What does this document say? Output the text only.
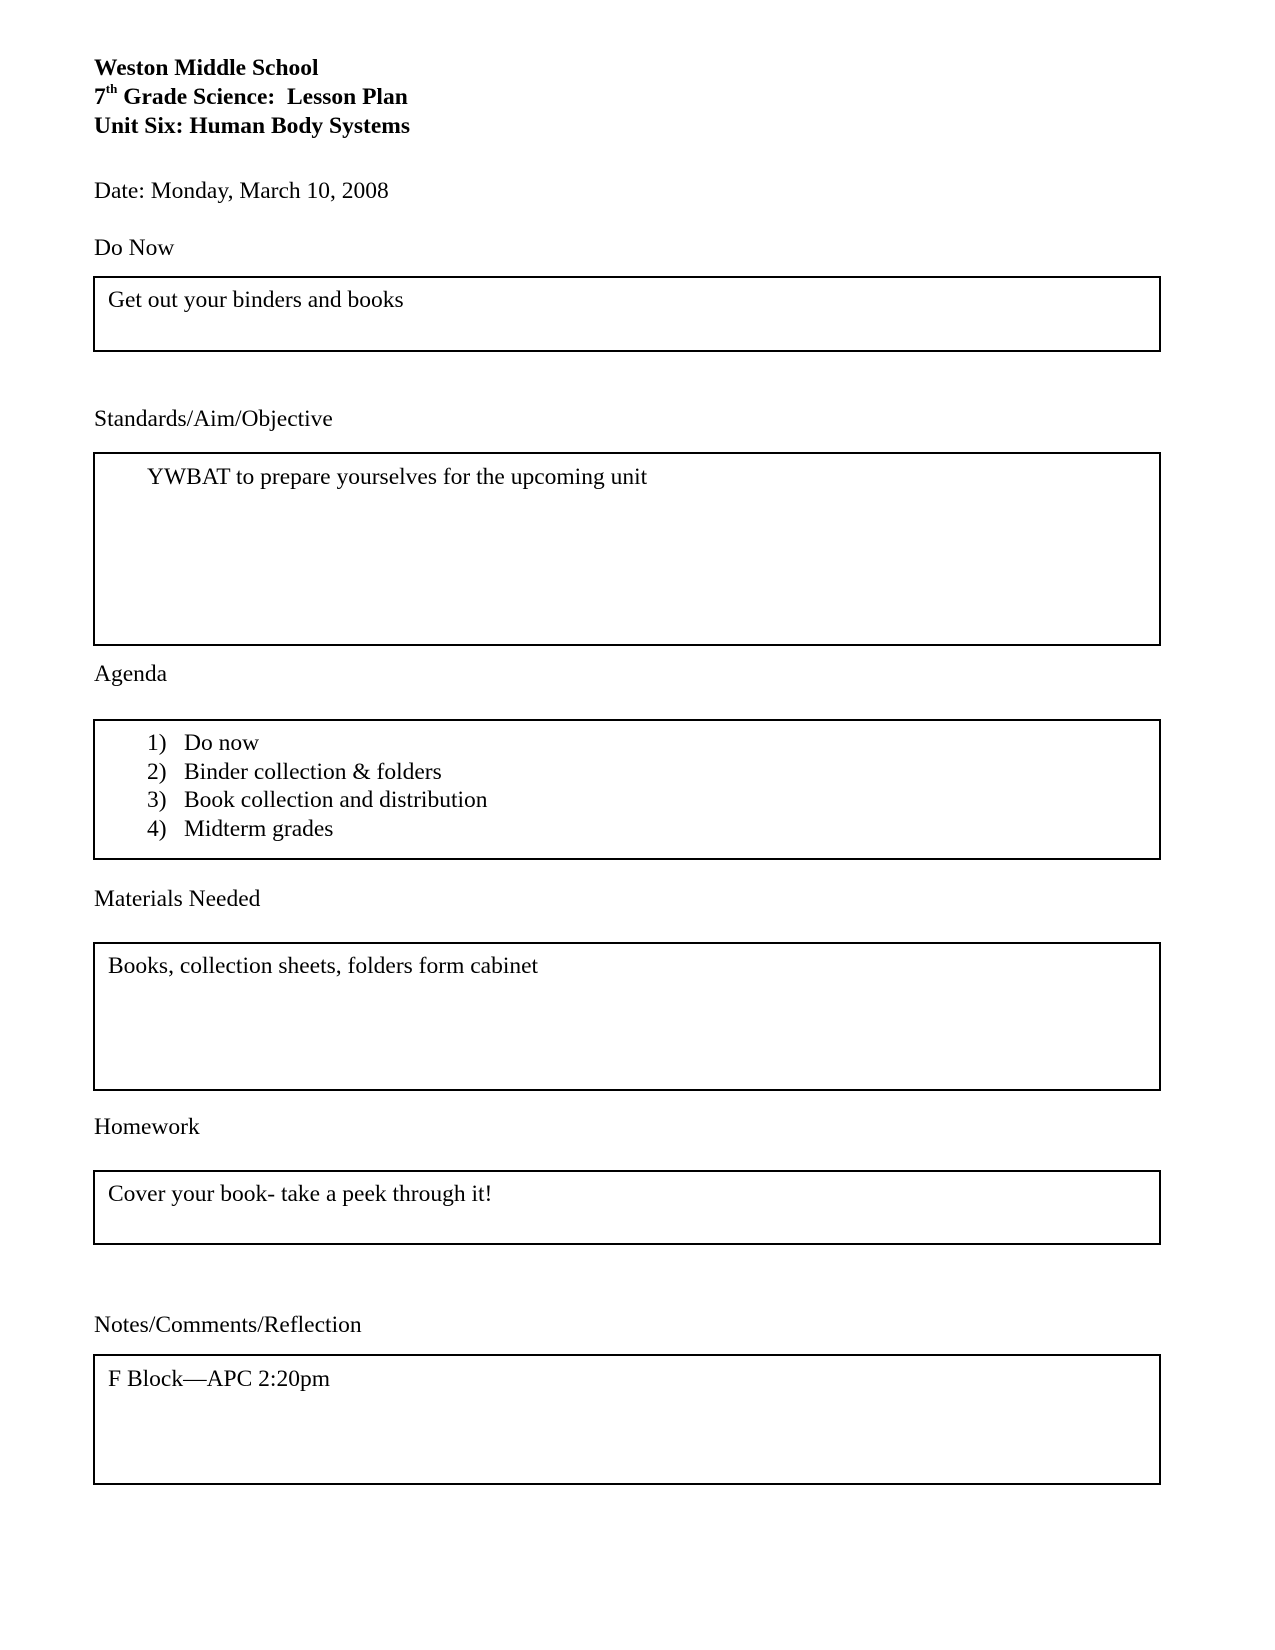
Weston Middle School
7th Grade Science:  Lesson Plan
Unit Six: Human Body Systems
Date: Monday, March 10, 2008
Do Now
Get out your binders and books
Standards/Aim/Objective
YWBAT to prepare yourselves for the upcoming unit
Agenda
1) Do now
2) Binder collection & folders
3) Book collection and distribution
4) Midterm grades
Materials Needed
Books, collection sheets, folders form cabinet
Homework
Cover your book- take a peek through it!
Notes/Comments/Reflection
F Block—APC 2:20pm
